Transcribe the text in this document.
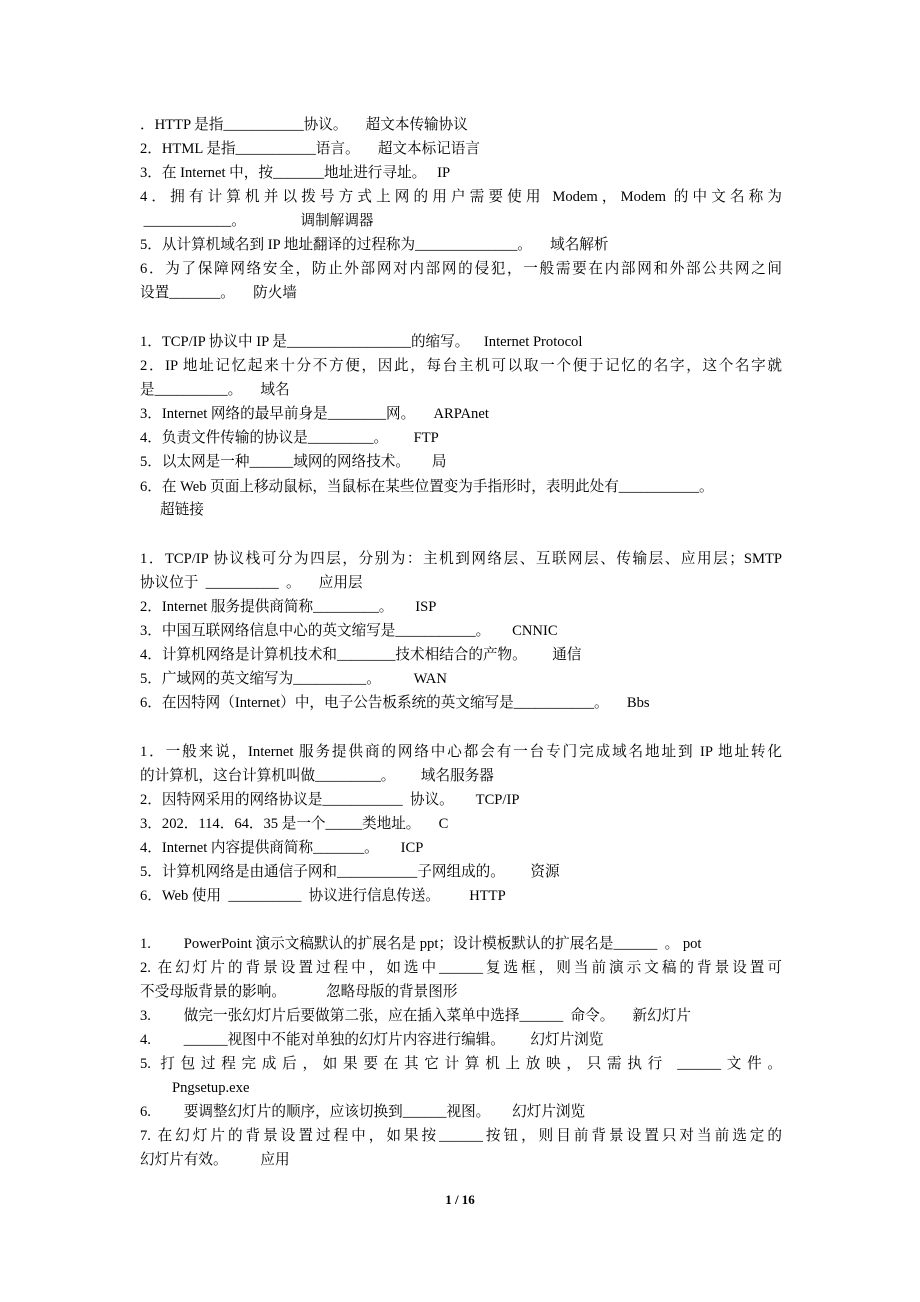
．HTTP 是指___________协议。     超文本传输协议
2．HTML 是指___________语言。     超文本标记语言
3．在 Internet 中，按_______地址进行寻址。   IP
4．拥有计算机并以拨号方式上网的用户需要使用 Modem，Modem 的中文名称为
____________。               调制解调器
5．从计算机域名到 IP 地址翻译的过程称为______________。     域名解析
6．为了保障网络安全，防止外部网对内部网的侵犯，一般需要在内部网和外部公共网之间
设置_______。     防火墙
1．TCP/IP 协议中 IP 是_________________的缩写。    Internet Protocol
2．IP 地址记忆起来十分不方便，因此，每台主机可以取一个便于记忆的名字，这个名字就
是__________。     域名
3．Internet 网络的最早前身是________网。     ARPAnet
4．负责文件传输的协议是_________。       FTP
5．以太网是一种______域网的网络技术。      局
6．在 Web 页面上移动鼠标，当鼠标在某些位置变为手指形时，表明此处有___________。
超链接
1．TCP/IP 协议栈可分为四层，分别为：主机到网络层、互联网层、传输层、应用层；SMTP
协议位于  __________  。     应用层
2．Internet 服务提供商简称_________。      ISP
3．中国互联网络信息中心的英文缩写是___________。      CNNIC
4．计算机网络是计算机技术和________技术相结合的产物。       通信
5．广域网的英文缩写为__________。         WAN
6．在因特网（Internet）中，电子公告板系统的英文缩写是___________。     Bbs
1．一般来说，Internet 服务提供商的网络中心都会有一台专门完成域名地址到 IP 地址转化
的计算机，这台计算机叫做_________。       域名服务器
2．因特网采用的网络协议是___________  协议。      TCP/IP
3．202．114．64．35 是一个_____类地址。     C
4．Internet 内容提供商简称_______。      ICP
5．计算机网络是由通信子网和___________子网组成的。       资源
6．Web 使用  __________  协议进行信息传送。        HTTP
1.         PowerPoint 演示文稿默认的扩展名是 ppt；设计模板默认的扩展名是______  。 pot
2. 在幻灯片的背景设置过程中，如选中______复选框，则当前演示文稿的背景设置可
不受母版背景的影响。           忽略母版的背景图形
3.         做完一张幻灯片后要做第二张，应在插入菜单中选择______  命令。     新幻灯片
4.         ______视图中不能对单独的幻灯片内容进行编辑。       幻灯片浏览
5. 打包过程完成后，如果要在其它计算机上放映，只需执行 ______文件。
Pngsetup.exe
6.         要调整幻灯片的顺序，应该切换到______视图。      幻灯片浏览
7. 在幻灯片的背景设置过程中，如果按______按钮，则目前背景设置只对当前选定的
幻灯片有效。         应用
1 / 16
